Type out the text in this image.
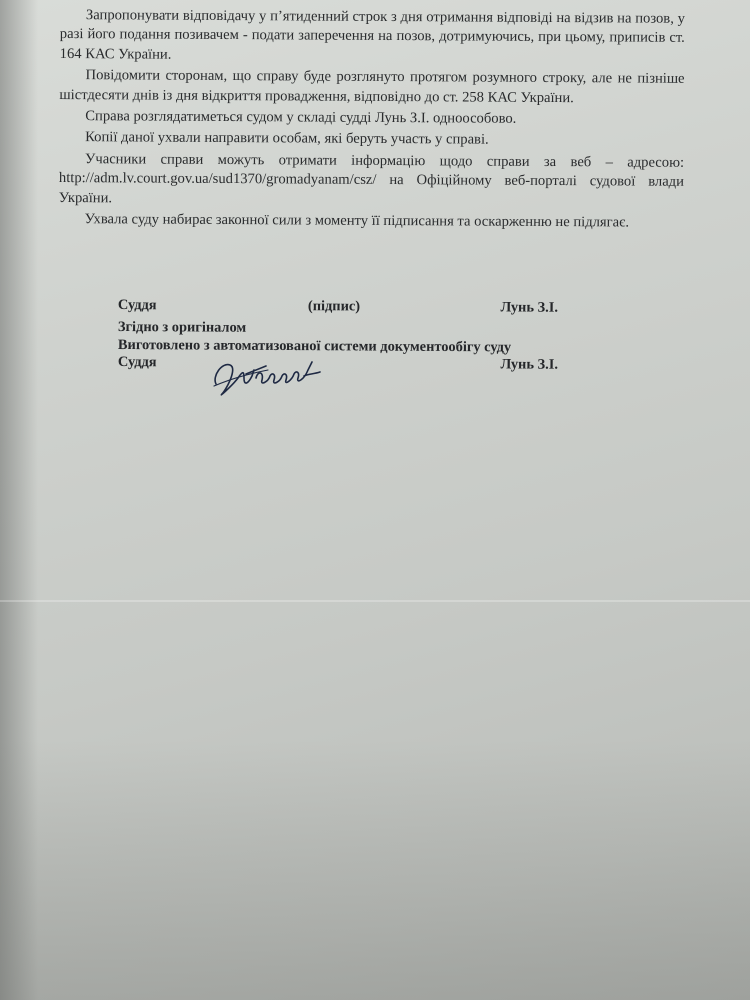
Запропонувати відповідачу у п’ятиденний строк з дня отримання відповіді на відзив на позов, у разі його подання позивачем - подати заперечення на позов, дотримуючись, при цьому, приписів ст. 164 КАС України.

Повідомити сторонам, що справу буде розглянуто протягом розумного строку, але не пізніше шістдесяти днів із дня відкриття провадження, відповідно до ст. 258 КАС України.

Справа розглядатиметься судом у складі судді Лунь З.І. одноособово.

Копії даної ухвали направити особам, які беруть участь у справі.

Учасники справи можуть отримати інформацію щодо справи за веб – адресою: http://adm.lv.court.gov.ua/sud1370/gromadyanam/csz/ на Офіційному веб-порталі судової влади України.

Ухвала суду набирає законної сили з моменту її підписання та оскарженню не підлягає.

Суддя	(підпис)	Лунь З.І.
Згідно з оригіналом
Виготовлено з автоматизованої системи документообігу суду
Суддя	Лунь З.І.
